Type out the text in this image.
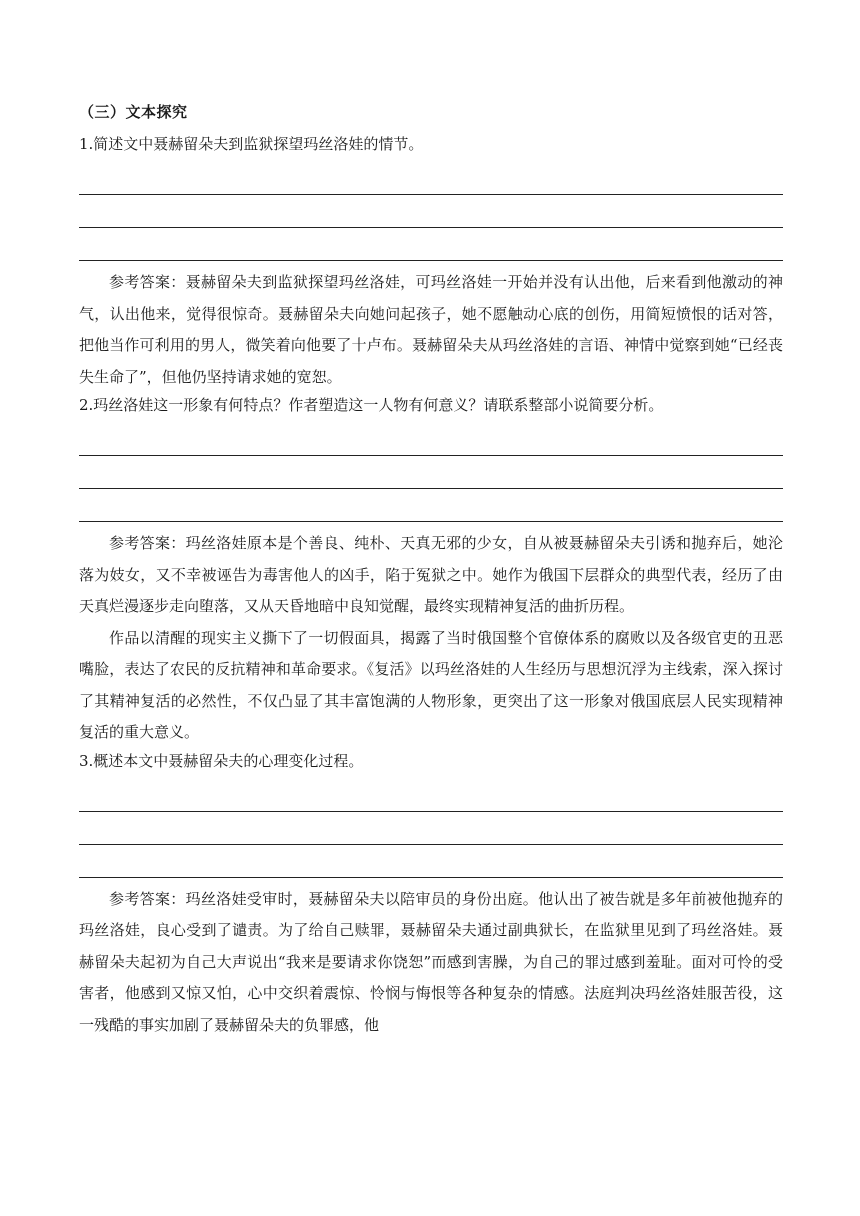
（三）文本探究
1.简述文中聂赫留朵夫到监狱探望玛丝洛娃的情节。

参考答案：聂赫留朵夫到监狱探望玛丝洛娃，可玛丝洛娃一开始并没有认出他，后来看到他激动的神气，认出他来，觉得很惊奇。聂赫留朵夫向她问起孩子，她不愿触动心底的创伤，用简短愤恨的话对答，把他当作可利用的男人，微笑着向他要了十卢布。聂赫留朵夫从玛丝洛娃的言语、神情中觉察到她“已经丧失生命了”，但他仍坚持请求她的宽恕。

2.玛丝洛娃这一形象有何特点？作者塑造这一人物有何意义？请联系整部小说简要分析。

参考答案：玛丝洛娃原本是个善良、纯朴、天真无邪的少女，自从被聂赫留朵夫引诱和抛弃后，她沦落为妓女，又不幸被诬告为毒害他人的凶手，陷于冤狱之中。她作为俄国下层群众的典型代表，经历了由天真烂漫逐步走向堕落，又从天昏地暗中良知觉醒，最终实现精神复活的曲折历程。

作品以清醒的现实主义撕下了一切假面具，揭露了当时俄国整个官僚体系的腐败以及各级官吏的丑恶嘴脸，表达了农民的反抗精神和革命要求。《复活》以玛丝洛娃的人生经历与思想沉浮为主线索，深入探讨了其精神复活的必然性，不仅凸显了其丰富饱满的人物形象，更突出了这一形象对俄国底层人民实现精神复活的重大意义。

3.概述本文中聂赫留朵夫的心理变化过程。

参考答案：玛丝洛娃受审时，聂赫留朵夫以陪审员的身份出庭。他认出了被告就是多年前被他抛弃的玛丝洛娃，良心受到了谴责。为了给自己赎罪，聂赫留朵夫通过副典狱长，在监狱里见到了玛丝洛娃。聂赫留朵夫起初为自己大声说出“我来是要请求你饶恕”而感到害臊，为自己的罪过感到羞耻。面对可怜的受害者，他感到又惊又怕，心中交织着震惊、怜悯与悔恨等各种复杂的情感。法庭判决玛丝洛娃服苦役，这一残酷的事实加剧了聂赫留朵夫的负罪感，他
